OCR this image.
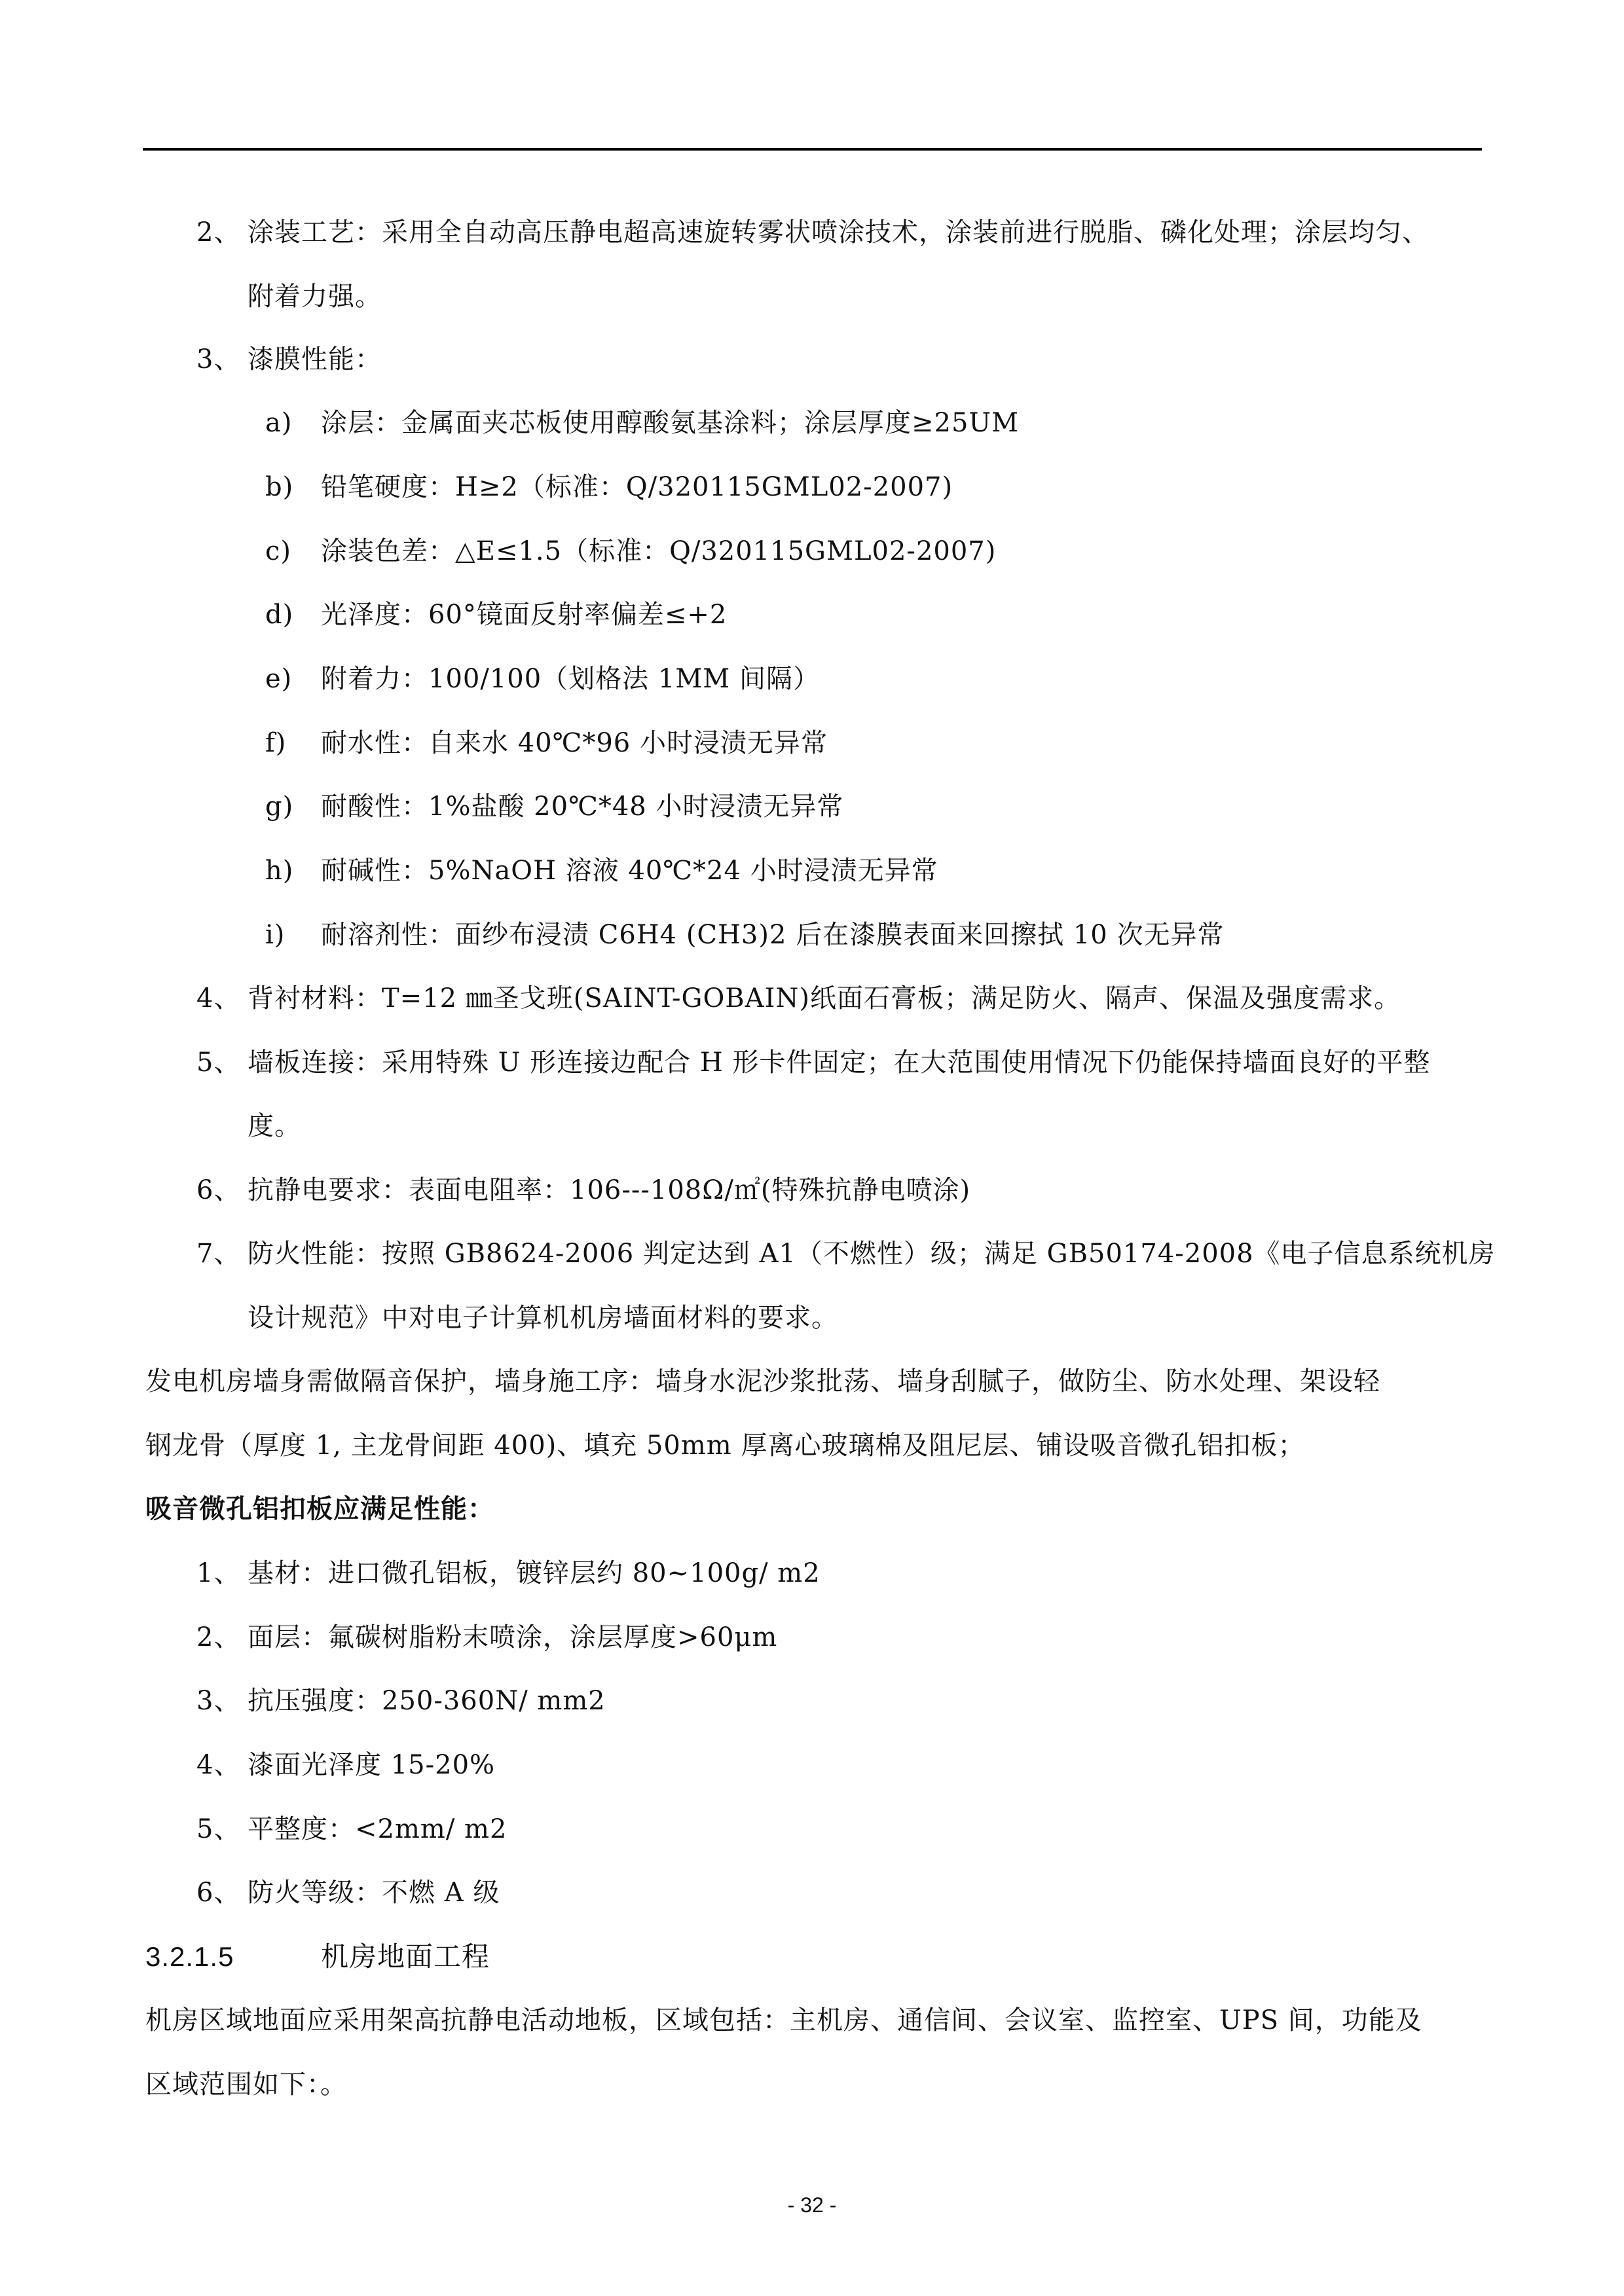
2、 涂装工艺：采用全自动高压静电超高速旋转雾状喷涂技术，涂装前进行脱脂、磷化处理；涂层均匀、
附着力强。
3、 漆膜性能：
a) 涂层：金属面夹芯板使用醇酸氨基涂料；涂层厚度≥25UM
b) 铅笔硬度：H≥2（标准：Q/320115GML02-2007)
c) 涂装色差：△E≤1.5（标准：Q/320115GML02-2007)
d) 光泽度：60°镜面反射率偏差≤+2
e) 附着力：100/100（划格法 1MM 间隔）
f) 耐水性：自来水 40℃*96 小时浸渍无异常
g) 耐酸性：1%盐酸 20℃*48 小时浸渍无异常
h) 耐碱性：5%NaOH 溶液 40℃*24 小时浸渍无异常
i) 耐溶剂性：面纱布浸渍 C6H4 (CH3)2 后在漆膜表面来回擦拭 10 次无异常
4、 背衬材料：T=12 ㎜圣戈班(SAINT-GOBAIN)纸面石膏板；满足防火、隔声、保温及强度需求。
5、 墙板连接：采用特殊 U 形连接边配合 H 形卡件固定；在大范围使用情况下仍能保持墙面良好的平整
度。
6、 抗静电要求：表面电阻率：106---108Ω/㎡(特殊抗静电喷涂)
7、 防火性能：按照 GB8624-2006 判定达到 A1（不燃性）级；满足 GB50174-2008《电子信息系统机房
设计规范》中对电子计算机机房墙面材料的要求。
发电机房墙身需做隔音保护，墙身施工序：墙身水泥沙浆批荡、墙身刮腻子，做防尘、防水处理、架设轻
钢龙骨（厚度 1, 主龙骨间距 400)、填充 50mm 厚离心玻璃棉及阻尼层、铺设吸音微孔铝扣板；
吸音微孔铝扣板应满足性能：
1、 基材：进口微孔铝板，镀锌层约 80~100g/ m2
2、 面层：氟碳树脂粉末喷涂，涂层厚度>60μm
3、 抗压强度：250-360N/ mm2
4、 漆面光泽度 15-20%
5、 平整度：<2mm/ m2
6、 防火等级：不燃 A 级
3.2.1.5	机房地面工程
机房区域地面应采用架高抗静电活动地板，区域包括：主机房、通信间、会议室、监控室、UPS 间，功能及
区域范围如下：。
- 32 -
